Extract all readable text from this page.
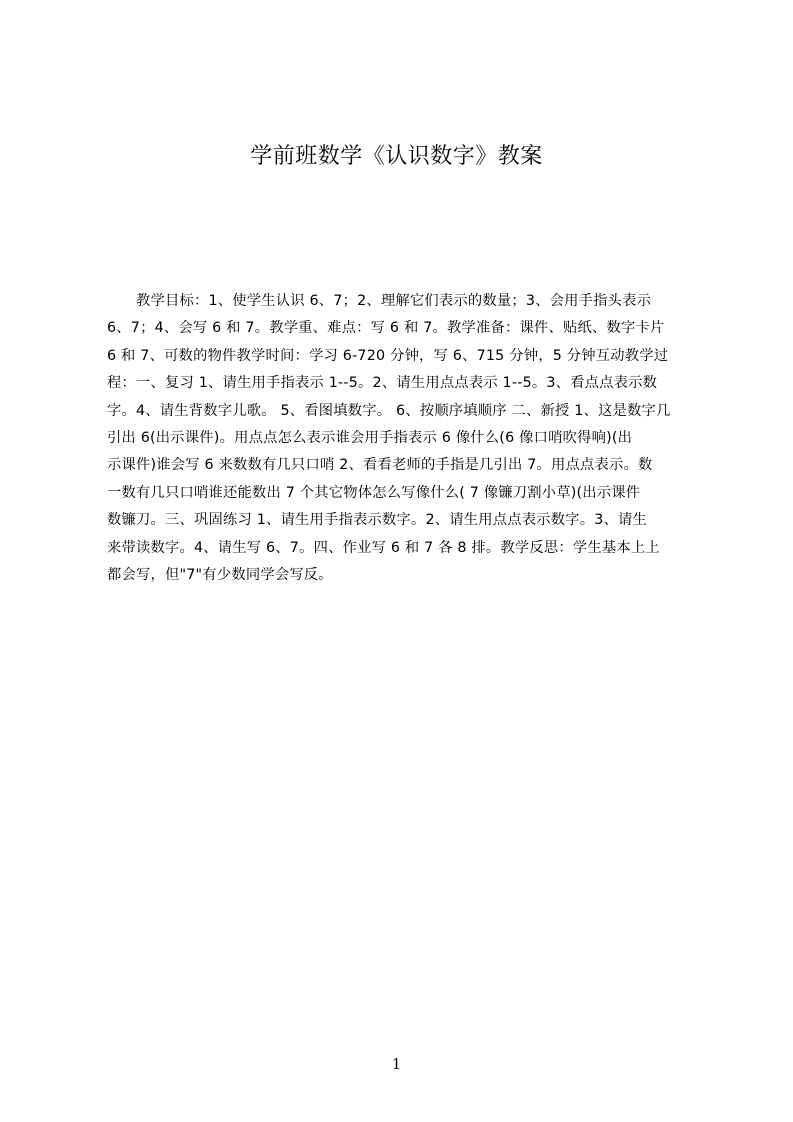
学前班数学《认识数字》教案
教学目标：1、使学生认识 6、7；2、理解它们表示的数量；3、会用手指头表示
6、7；4、会写 6 和 7。教学重、难点：写 6 和 7。教学准备：课件、贴纸、数字卡片
6 和 7、可数的物件教学时间：学习 6-720 分钟，写 6、715 分钟，5 分钟互动教学过
程：一、复习 1、请生用手指表示 1--5。2、请生用点点表示 1--5。3、看点点表示数
字。4、请生背数字儿歌。 5、看图填数字。 6、按顺序填顺序 二、新授 1、这是数字几
引出 6(出示课件)。用点点怎么表示谁会用手指表示 6 像什么(6 像口哨吹得响)(出
示课件)谁会写 6 来数数有几只口哨 2、看看老师的手指是几引出 7。用点点表示。数
一数有几只口哨谁还能数出 7 个其它物体怎么写像什么( 7 像镰刀割小草)(出示课件
数镰刀。三、巩固练习 1、请生用手指表示数字。2、请生用点点表示数字。3、请生
来带读数字。4、请生写 6、7。四、作业写 6 和 7 各 8 排。教学反思：学生基本上上
都会写，但"7"有少数同学会写反。
1
